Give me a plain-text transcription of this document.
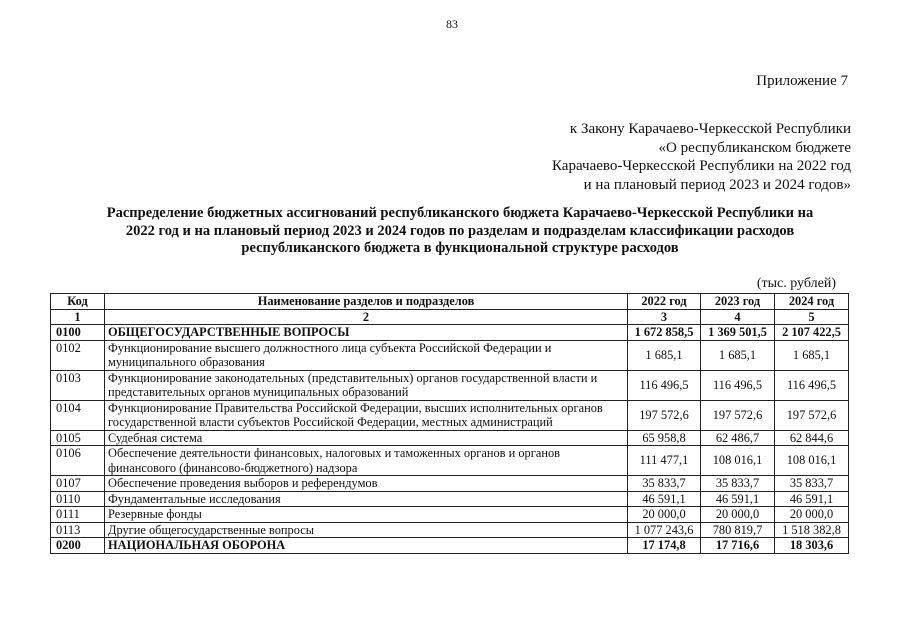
83
Приложение 7
к Закону Карачаево-Черкесской Республики
«О республиканском бюджете
Карачаево-Черкесской Республики на 2022 год
и на плановый период 2023 и 2024 годов»
Распределение бюджетных ассигнований республиканского бюджета Карачаево-Черкесской Республики на
2022 год и на плановый период 2023 и 2024 годов по разделам и подразделам классификации расходов
республиканского бюджета в функциональной структуре расходов
(тыс. рублей)
Код	Наименование разделов и подразделов	2022 год	2023 год	2024 год
1	2	3	4	5
0100	ОБЩЕГОСУДАРСТВЕННЫЕ ВОПРОСЫ	1 672 858,5	1 369 501,5	2 107 422,5
0102	Функционирование высшего должностного лица субъекта Российской Федерации и муниципального образования	1 685,1	1 685,1	1 685,1
0103	Функционирование законодательных (представительных) органов государственной власти и представительных органов муниципальных образований	116 496,5	116 496,5	116 496,5
0104	Функционирование Правительства Российской Федерации, высших исполнительных органов государственной власти субъектов Российской Федерации, местных администраций	197 572,6	197 572,6	197 572,6
0105	Судебная система	65 958,8	62 486,7	62 844,6
0106	Обеспечение деятельности финансовых, налоговых и таможенных органов и органов финансового (финансово-бюджетного) надзора	111 477,1	108 016,1	108 016,1
0107	Обеспечение проведения выборов и референдумов	35 833,7	35 833,7	35 833,7
0110	Фундаментальные исследования	46 591,1	46 591,1	46 591,1
0111	Резервные фонды	20 000,0	20 000,0	20 000,0
0113	Другие общегосударственные вопросы	1 077 243,6	780 819,7	1 518 382,8
0200	НАЦИОНАЛЬНАЯ ОБОРОНА	17 174,8	17 716,6	18 303,6
